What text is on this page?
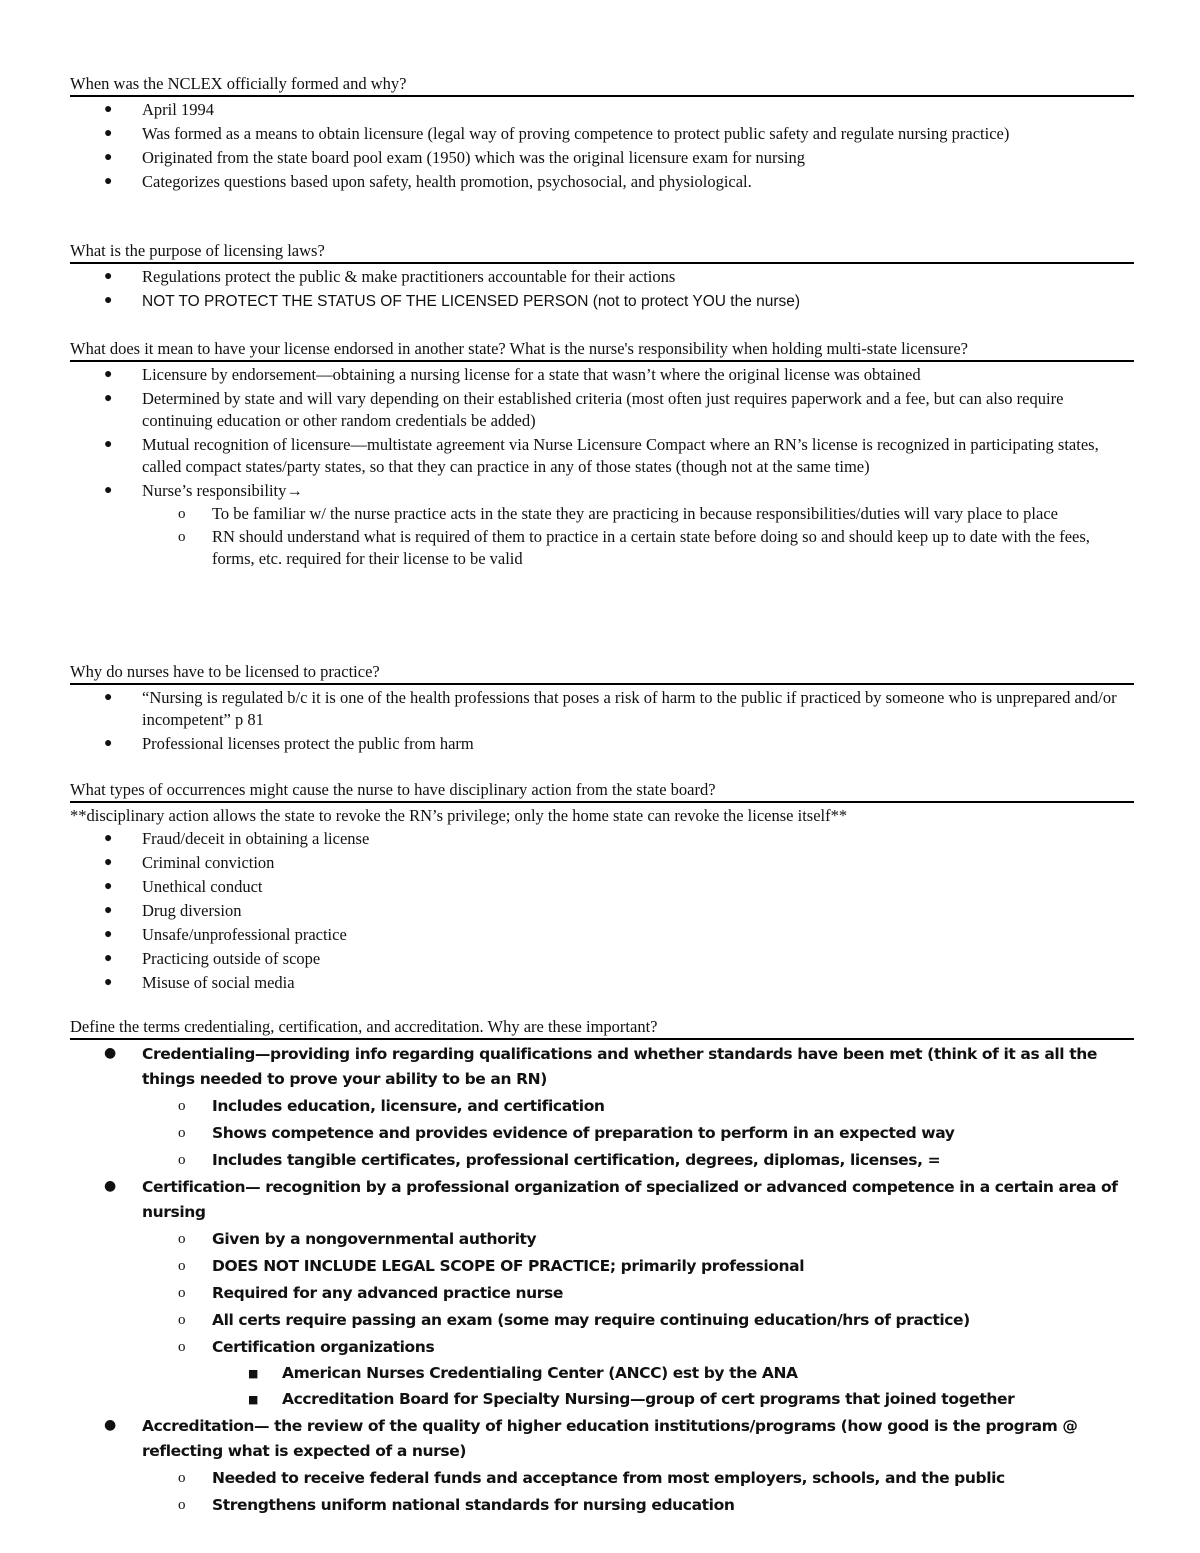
When was the NCLEX officially formed and why?

● April 1994
● Was formed as a means to obtain licensure (legal way of proving competence to protect public safety and regulate nursing practice)
● Originated from the state board pool exam (1950) which was the original licensure exam for nursing
● Categorizes questions based upon safety, health promotion, psychosocial, and physiological.

What is the purpose of licensing laws?

● Regulations protect the public & make practitioners accountable for their actions
● NOT TO PROTECT THE STATUS OF THE LICENSED PERSON (not to protect YOU the nurse)

What does it mean to have your license endorsed in another state? What is the nurse's responsibility when holding multi-state licensure?

● Licensure by endorsement—obtaining a nursing license for a state that wasn’t where the original license was obtained
● Determined by state and will vary depending on their established criteria (most often just requires paperwork and a fee, but can also require continuing education or other random credentials be added)
● Mutual recognition of licensure—multistate agreement via Nurse Licensure Compact where an RN’s license is recognized in participating states, called compact states/party states, so that they can practice in any of those states (though not at the same time)
● Nurse’s responsibility→
o To be familiar w/ the nurse practice acts in the state they are practicing in because responsibilities/duties will vary place to place
o RN should understand what is required of them to practice in a certain state before doing so and should keep up to date with the fees, forms, etc. required for their license to be valid

Why do nurses have to be licensed to practice?

● “Nursing is regulated b/c it is one of the health professions that poses a risk of harm to the public if practiced by someone who is unprepared and/or incompetent” p 81
● Professional licenses protect the public from harm

What types of occurrences might cause the nurse to have disciplinary action from the state board?

**disciplinary action allows the state to revoke the RN’s privilege; only the home state can revoke the license itself**

● Fraud/deceit in obtaining a license
● Criminal conviction
● Unethical conduct
● Drug diversion
● Unsafe/unprofessional practice
● Practicing outside of scope
● Misuse of social media

Define the terms credentialing, certification, and accreditation. Why are these important?

● Credentialing—providing info regarding qualifications and whether standards have been met (think of it as all the things needed to prove your ability to be an RN)
o Includes education, licensure, and certification
o Shows competence and provides evidence of preparation to perform in an expected way
o Includes tangible certificates, professional certification, degrees, diplomas, licenses, =
● Certification— recognition by a professional organization of specialized or advanced competence in a certain area of nursing
o Given by a nongovernmental authority
o DOES NOT INCLUDE LEGAL SCOPE OF PRACTICE; primarily professional
o Required for any advanced practice nurse
o All certs require passing an exam (some may require continuing education/hrs of practice)
o Certification organizations
■ American Nurses Credentialing Center (ANCC) est by the ANA
■ Accreditation Board for Specialty Nursing—group of cert programs that joined together
● Accreditation— the review of the quality of higher education institutions/programs (how good is the program @ reflecting what is expected of a nurse)
o Needed to receive federal funds and acceptance from most employers, schools, and the public
o Strengthens uniform national standards for nursing education
